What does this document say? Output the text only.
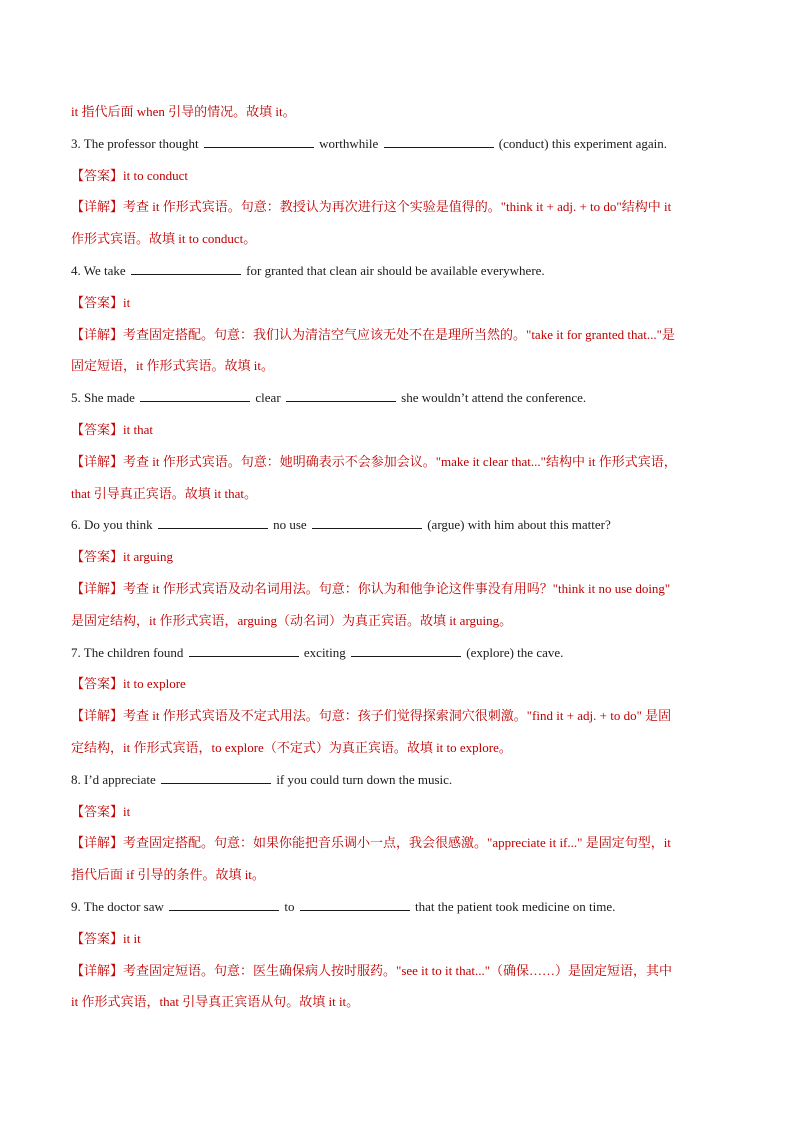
it 指代后面 when 引导的情况。故填 it。
3. The professor thought	worthwhile	(conduct) this experiment again.
【答案】it to conduct
【详解】考查 it 作形式宾语。句意：教授认为再次进行这个实验是值得的。"think it + adj. + to do"结构中 it
作形式宾语。故填 it to conduct。
4. We take	for granted that clean air should be available everywhere.
【答案】it
【详解】考查固定搭配。句意：我们认为清洁空气应该无处不在是理所当然的。"take it for granted that..."是
固定短语，it 作形式宾语。故填 it。
5. She made	clear	she wouldn’t attend the conference.
【答案】it that
【详解】考查 it 作形式宾语。句意：她明确表示不会参加会议。"make it clear that..."结构中 it 作形式宾语，
that 引导真正宾语。故填 it that。
6. Do you think	no use	(argue) with him about this matter?
【答案】it arguing
【详解】考查 it 作形式宾语及动名词用法。句意：你认为和他争论这件事没有用吗？"think it no use doing"
是固定结构，it 作形式宾语，arguing（动名词）为真正宾语。故填 it arguing。
7. The children found	exciting	(explore) the cave.
【答案】it to explore
【详解】考查 it 作形式宾语及不定式用法。句意：孩子们觉得探索洞穴很刺激。"find it + adj. + to do" 是固
定结构，it 作形式宾语，to explore（不定式）为真正宾语。故填 it to explore。
8. I’d appreciate	if you could turn down the music.
【答案】it
【详解】考查固定搭配。句意：如果你能把音乐调小一点，我会很感激。"appreciate it if..." 是固定句型，it
指代后面 if 引导的条件。故填 it。
9. The doctor saw	to	that the patient took medicine on time.
【答案】it it
【详解】考查固定短语。句意：医生确保病人按时服药。"see it to it that..."（确保……）是固定短语，其中
it 作形式宾语，that 引导真正宾语从句。故填 it it。
